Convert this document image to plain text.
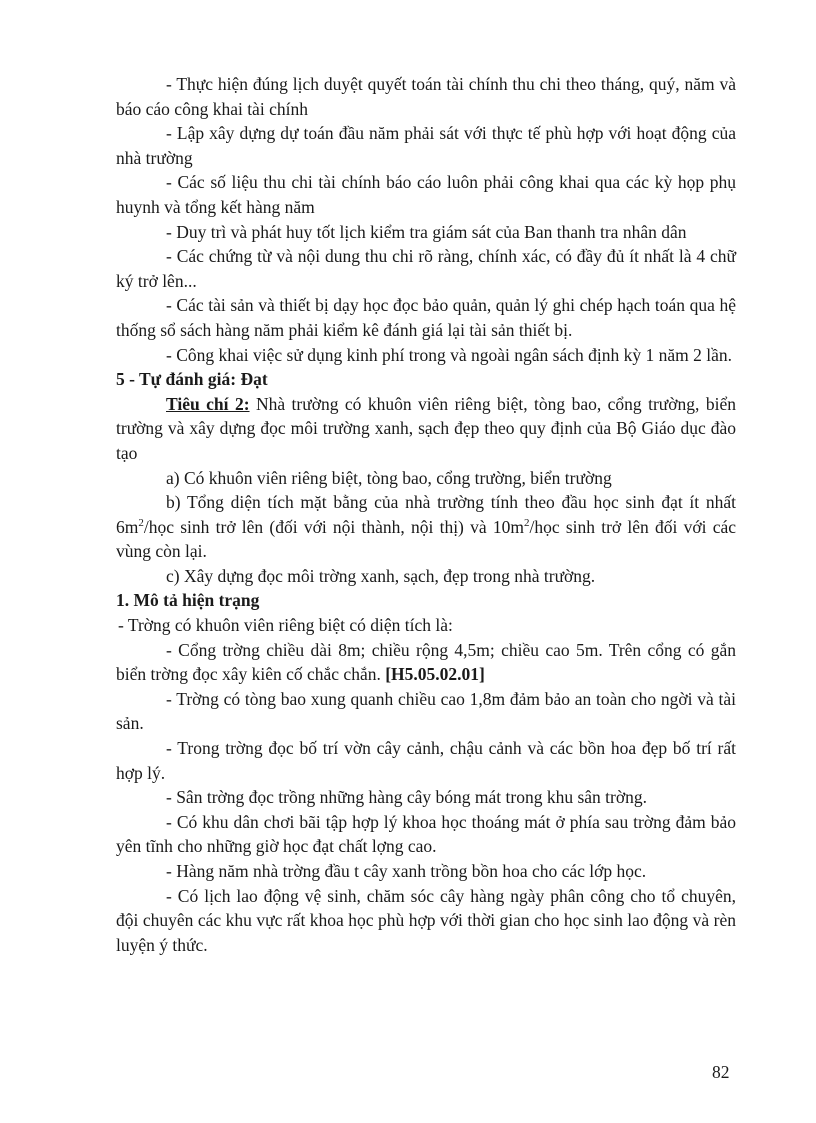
- Thực hiện đúng lịch duyệt quyết toán tài chính thu chi theo tháng, quý, năm và báo cáo công khai tài chính

- Lập xây dựng dự toán đầu năm phải sát với thực tế phù hợp với hoạt động của nhà trường

- Các số liệu thu chi tài chính báo cáo luôn phải công khai qua các kỳ họp phụ huynh và tổng kết hàng năm

- Duy trì và phát huy tốt lịch kiểm tra giám sát của Ban thanh tra nhân dân

- Các chứng từ và nội dung thu chi rõ ràng, chính xác, có đầy đủ ít nhất là 4 chữ ký trở lên...

- Các tài sản và thiết bị dạy học đọc bảo quản, quản lý ghi chép hạch toán qua hệ thống sổ sách hàng năm phải kiểm kê đánh giá lại tài sản thiết bị.

- Công khai việc sử dụng kinh phí trong và ngoài ngân sách định kỳ 1 năm 2 lần.

5 - Tự đánh giá: Đạt

Tiêu chí 2: Nhà trường có khuôn viên riêng biệt, tòng bao, cổng trường, biển trường và xây dựng đọc môi trường xanh, sạch đẹp theo quy định của Bộ Giáo dục đào tạo

a) Có khuôn viên riêng biệt, tòng bao, cổng trường, biển trường

b) Tổng diện tích mặt bằng của nhà trường tính theo đầu học sinh đạt ít nhất $6m^2$/học sinh trở lên (đối với nội thành, nội thị) và $10m^2$/học sinh trở lên đối với các vùng còn lại.

c) Xây dựng đọc môi trờng xanh, sạch, đẹp trong nhà trường.

1. Mô tả hiện trạng

- Trờng có khuôn viên riêng biệt có diện tích là:

- Cổng trờng chiều dài 8m; chiều rộng 4,5m; chiều cao 5m. Trên cổng có gắn biển trờng đọc xây kiên cố chắc chắn. [H5.05.02.01]

- Trờng có tòng bao xung quanh chiều cao 1,8m đảm bảo an toàn cho ngời và tài sản.

- Trong trờng đọc bố trí vờn cây cảnh, chậu cảnh và các bồn hoa đẹp bố trí rất hợp lý.

- Sân trờng đọc trồng những hàng cây bóng mát trong khu sân trờng.

- Có khu dân chơi bãi tập hợp lý khoa học thoáng mát ở phía sau trờng đảm bảo yên tĩnh cho những giờ học đạt chất lợng cao.

- Hàng năm nhà trờng đầu t cây xanh trồng bồn hoa cho các lớp học.

- Có lịch lao động vệ sinh, chăm sóc cây hàng ngày phân công cho tổ chuyên, đội chuyên các khu vực rất khoa học phù hợp với thời gian cho học sinh lao động và rèn luyện ý thức.

82
